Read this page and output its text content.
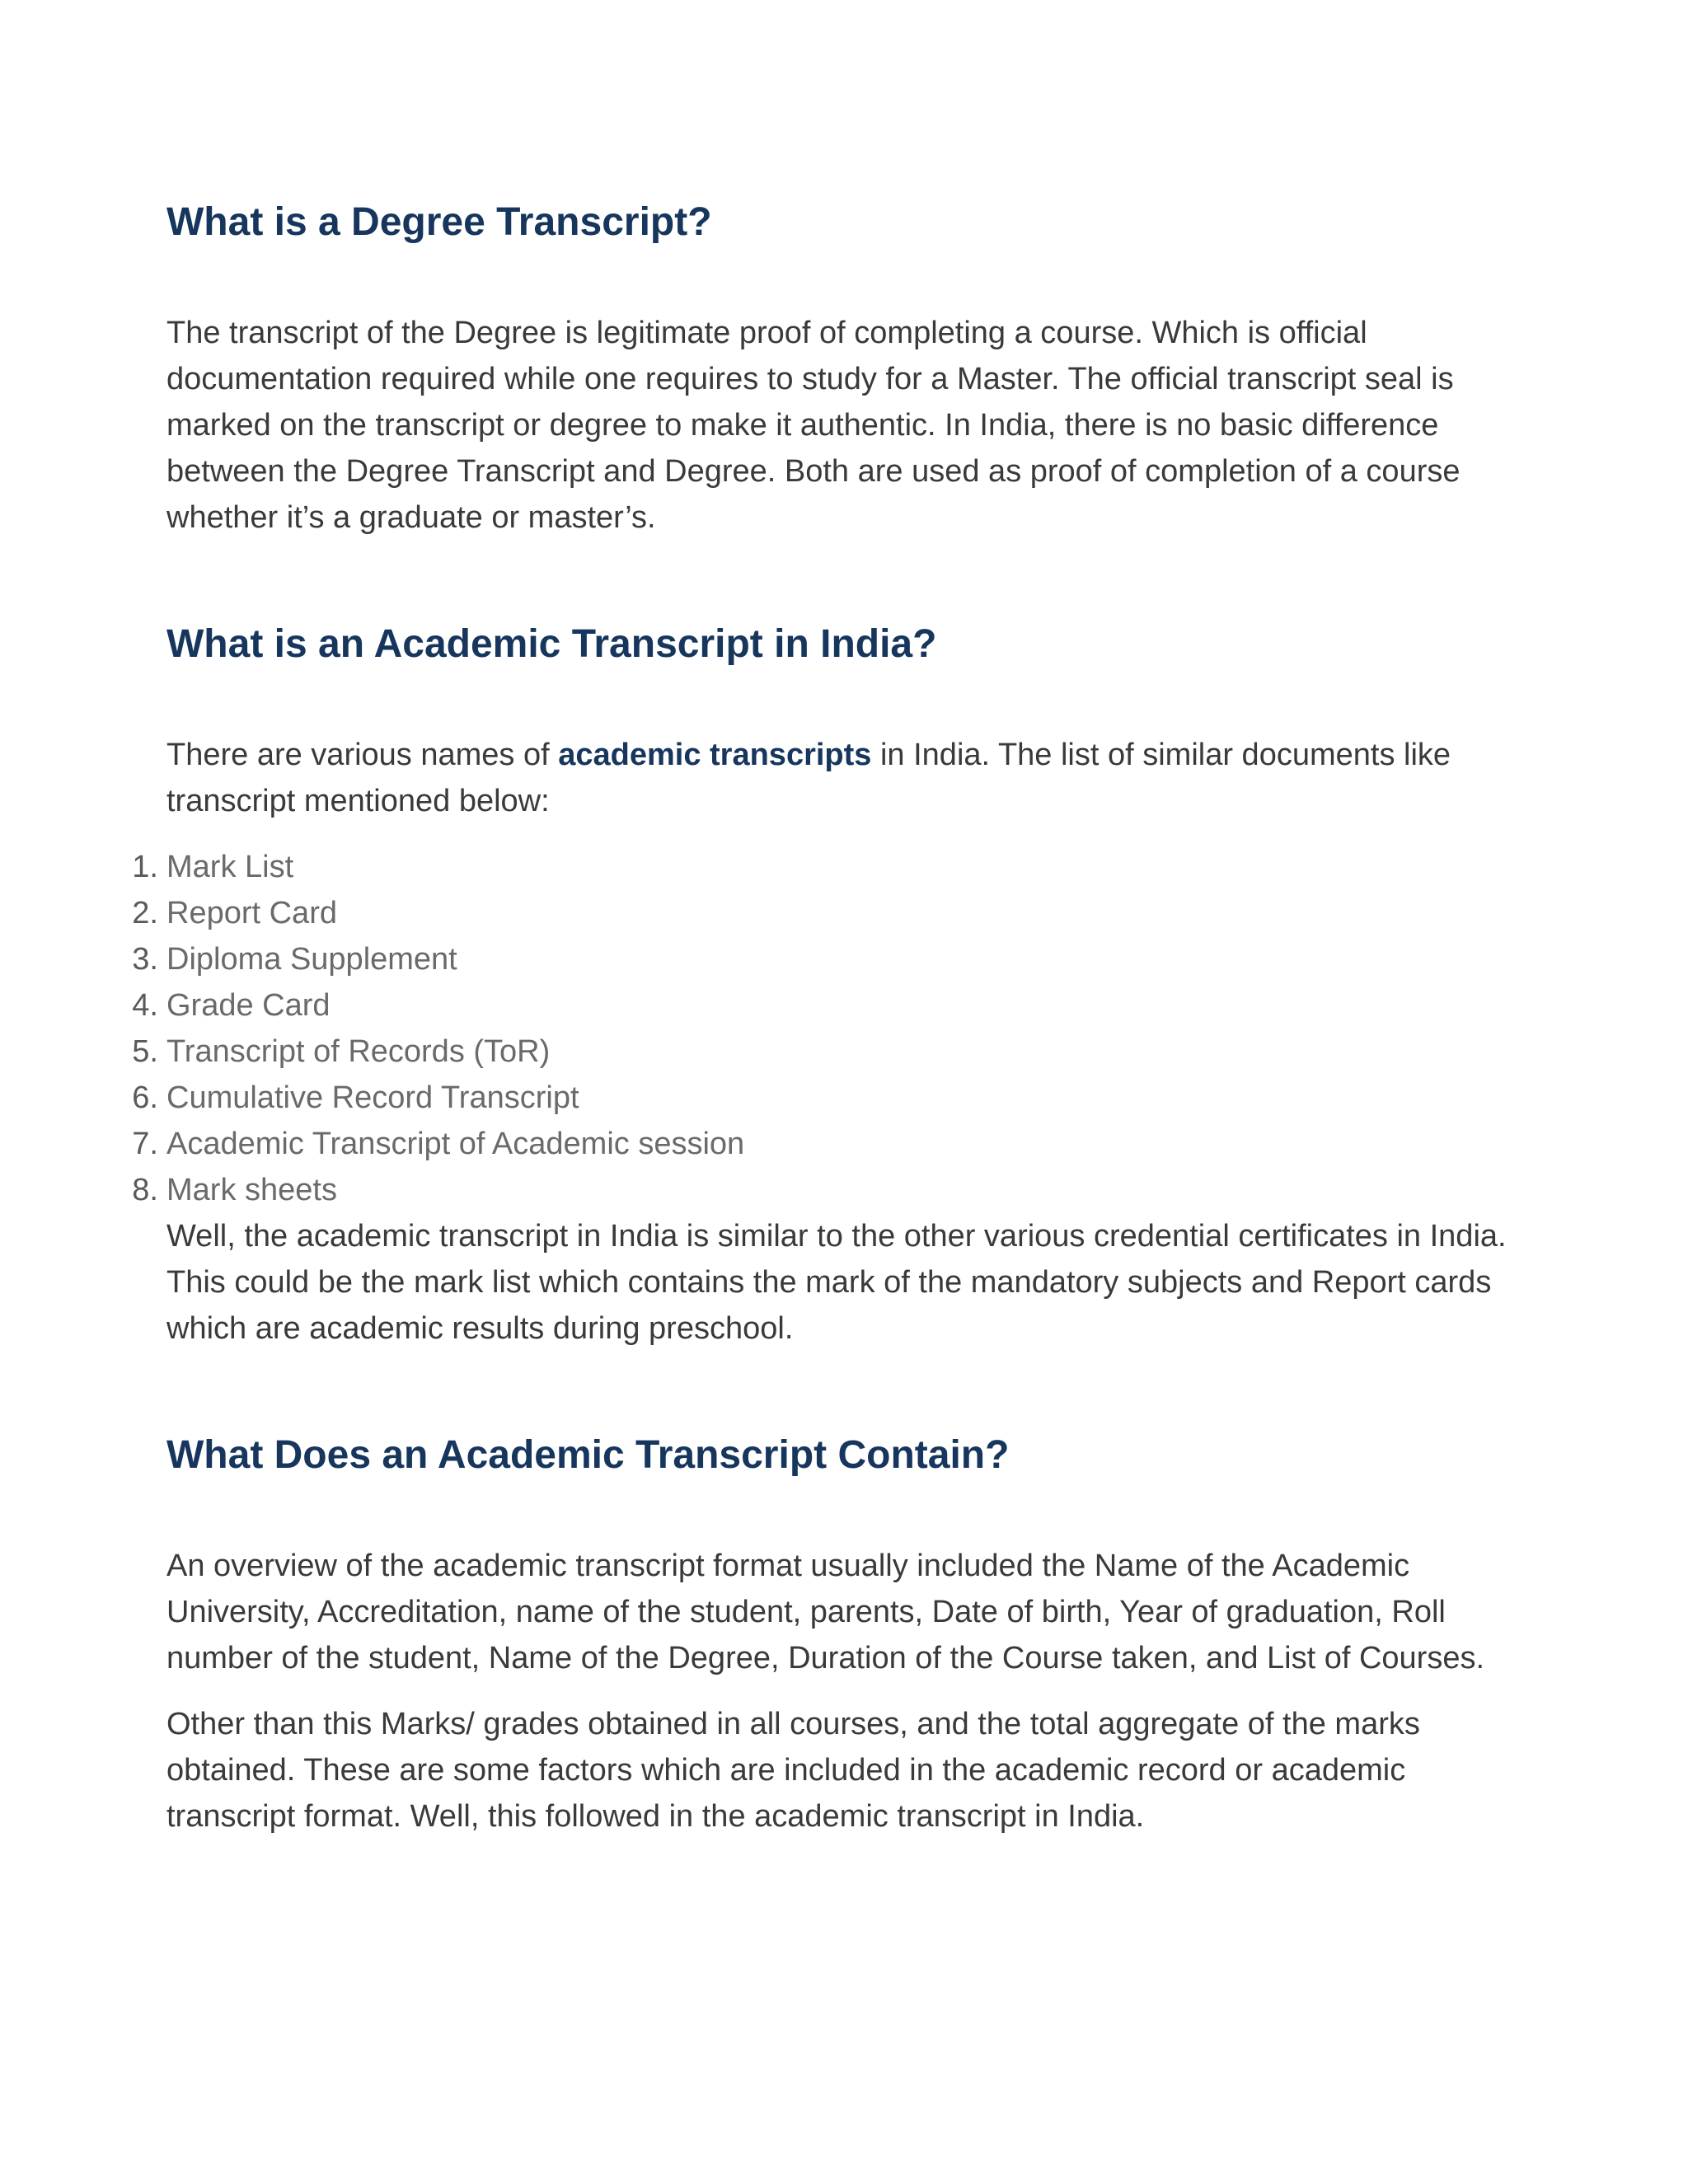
What is a Degree Transcript?

The transcript of the Degree is legitimate proof of completing a course. Which is official documentation required while one requires to study for a Master. The official transcript seal is marked on the transcript or degree to make it authentic. In India, there is no basic difference between the Degree Transcript and Degree. Both are used as proof of completion of a course whether it’s a graduate or master’s.

What is an Academic Transcript in India?

There are various names of academic transcripts in India. The list of similar documents like transcript mentioned below:

1. Mark List
2. Report Card
3. Diploma Supplement
4. Grade Card
5. Transcript of Records (ToR)
6. Cumulative Record Transcript
7. Academic Transcript of Academic session
8. Mark sheets

Well, the academic transcript in India is similar to the other various credential certificates in India. This could be the mark list which contains the mark of the mandatory subjects and Report cards which are academic results during preschool.

What Does an Academic Transcript Contain?

An overview of the academic transcript format usually included the Name of the Academic University, Accreditation, name of the student, parents, Date of birth, Year of graduation, Roll number of the student, Name of the Degree, Duration of the Course taken, and List of Courses.

Other than this Marks/ grades obtained in all courses, and the total aggregate of the marks obtained. These are some factors which are included in the academic record or academic transcript format. Well, this followed in the academic transcript in India.
